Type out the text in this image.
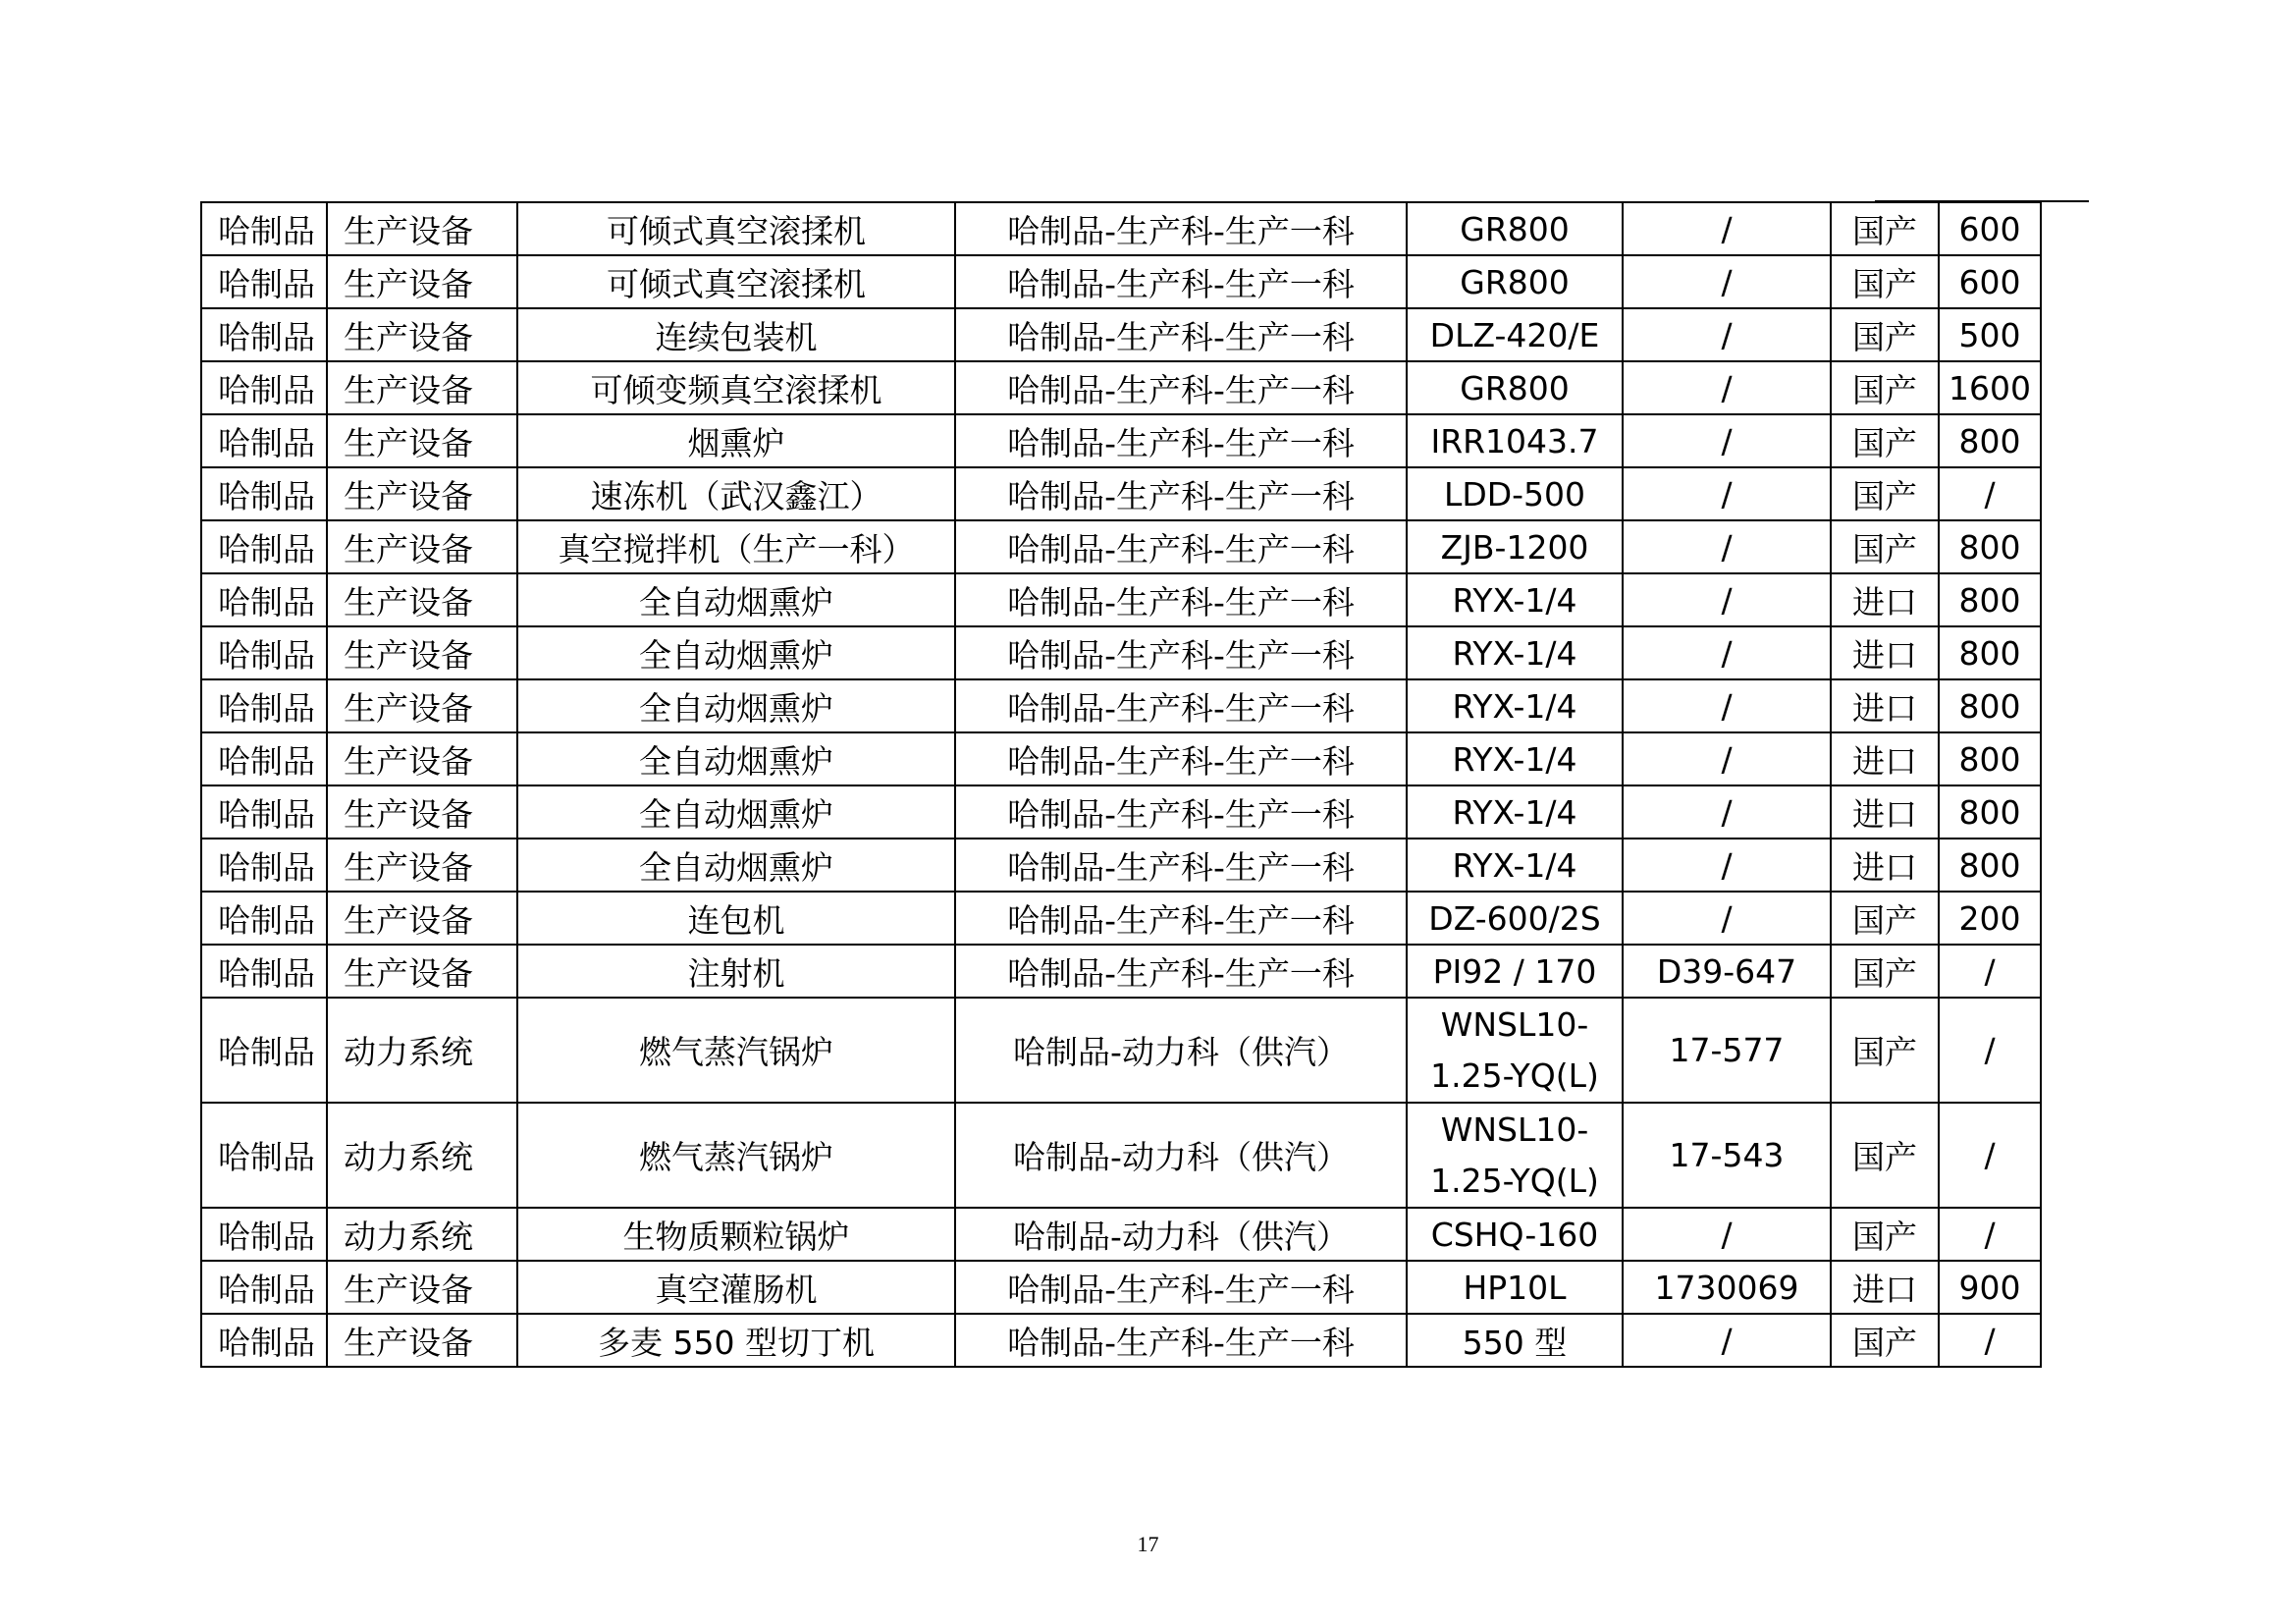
哈制品	生产设备	可倾式真空滚揉机	哈制品-生产科-生产一科	GR800	/	国产	600
哈制品	生产设备	可倾式真空滚揉机	哈制品-生产科-生产一科	GR800	/	国产	600
哈制品	生产设备	连续包装机	哈制品-生产科-生产一科	DLZ-420/E	/	国产	500
哈制品	生产设备	可倾变频真空滚揉机	哈制品-生产科-生产一科	GR800	/	国产	1600
哈制品	生产设备	烟熏炉	哈制品-生产科-生产一科	IRR1043.7	/	国产	800
哈制品	生产设备	速冻机（武汉鑫江）	哈制品-生产科-生产一科	LDD-500	/	国产	/
哈制品	生产设备	真空搅拌机（生产一科）	哈制品-生产科-生产一科	ZJB-1200	/	国产	800
哈制品	生产设备	全自动烟熏炉	哈制品-生产科-生产一科	RYX-1/4	/	进口	800
哈制品	生产设备	全自动烟熏炉	哈制品-生产科-生产一科	RYX-1/4	/	进口	800
哈制品	生产设备	全自动烟熏炉	哈制品-生产科-生产一科	RYX-1/4	/	进口	800
哈制品	生产设备	全自动烟熏炉	哈制品-生产科-生产一科	RYX-1/4	/	进口	800
哈制品	生产设备	全自动烟熏炉	哈制品-生产科-生产一科	RYX-1/4	/	进口	800
哈制品	生产设备	全自动烟熏炉	哈制品-生产科-生产一科	RYX-1/4	/	进口	800
哈制品	生产设备	连包机	哈制品-生产科-生产一科	DZ-600/2S	/	国产	200
哈制品	生产设备	注射机	哈制品-生产科-生产一科	PI92 / 170	D39-647	国产	/
哈制品	动力系统	燃气蒸汽锅炉	哈制品-动力科（供汽）	WNSL10-1.25-YQ(L)	17-577	国产	/
哈制品	动力系统	燃气蒸汽锅炉	哈制品-动力科（供汽）	WNSL10-1.25-YQ(L)	17-543	国产	/
哈制品	动力系统	生物质颗粒锅炉	哈制品-动力科（供汽）	CSHQ-160	/	国产	/
哈制品	生产设备	真空灌肠机	哈制品-生产科-生产一科	HP10L	1730069	进口	900
哈制品	生产设备	多麦 550 型切丁机	哈制品-生产科-生产一科	550 型	/	国产	/
17
